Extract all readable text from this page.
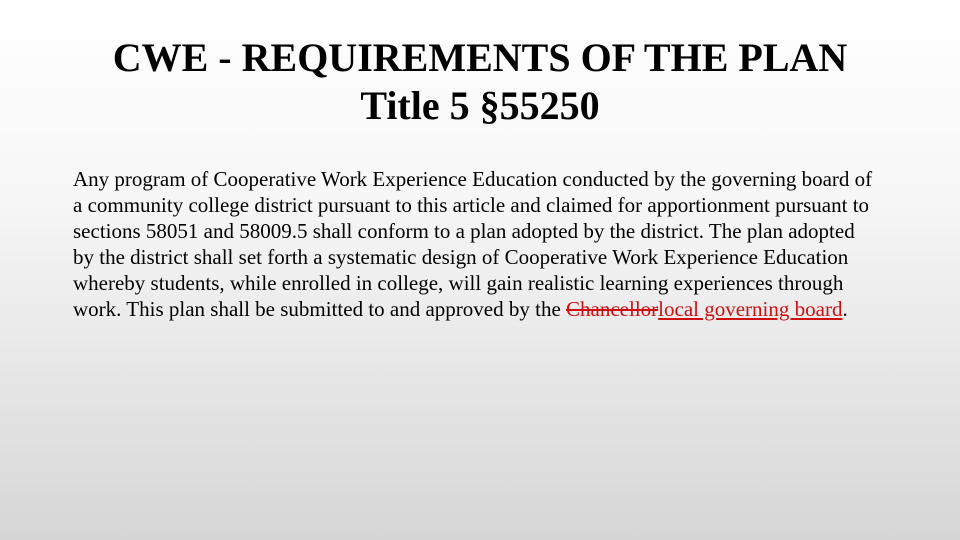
CWE - REQUIREMENTS OF THE PLAN
Title 5 §55250

Any program of Cooperative Work Experience Education conducted by the governing board of a community college district pursuant to this article and claimed for apportionment pursuant to sections 58051 and 58009.5 shall conform to a plan adopted by the district. The plan adopted by the district shall set forth a systematic design of Cooperative Work Experience Education whereby students, while enrolled in college, will gain realistic learning experiences through work. This plan shall be submitted to and approved by the Chancellorlocal governing board.
